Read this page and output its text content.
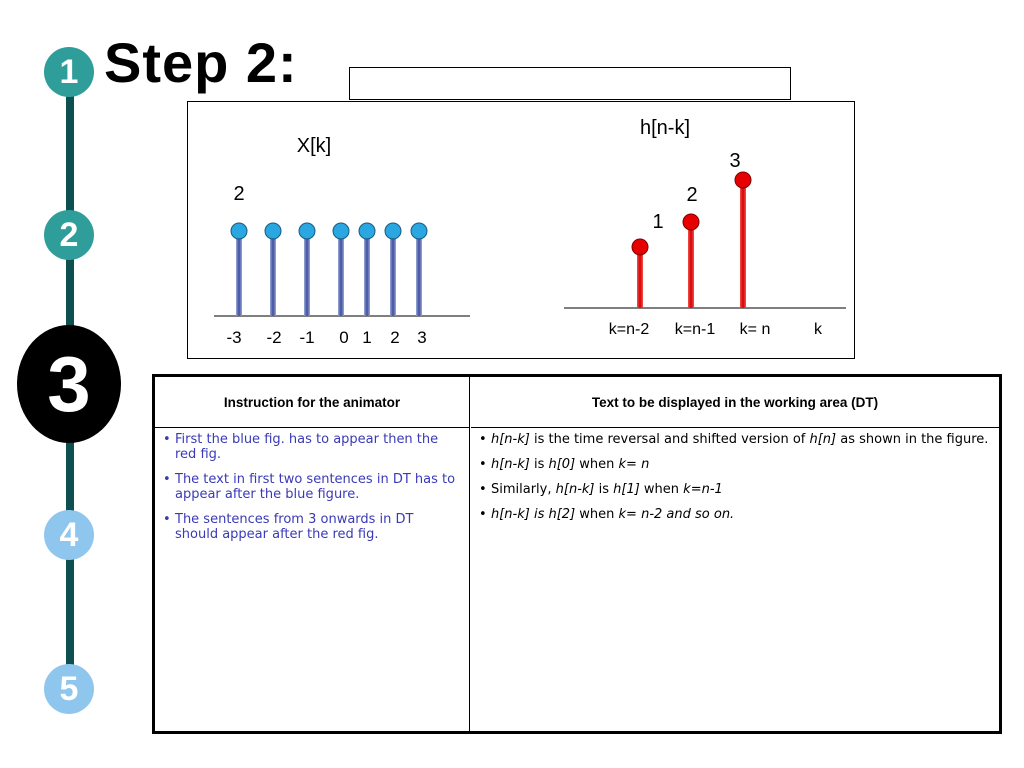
1
2
3
4
5
Step 2:
X[k]
2
-3 -2 -1 0 1 2 3
h[n-k]
1
2
3
k=n-2 k=n-1 k= n	k
Instruction for the animator
• First the blue fig. has to appear then the red fig.
• The text in first two sentences in DT has to appear after the blue figure.
• The sentences from 3 onwards in DT should appear after the red fig.
Text to be displayed in the working area (DT)
• h[n-k] is the time reversal and shifted version of h[n] as shown in the figure.
• h[n-k] is h[0] when k= n
• Similarly, h[n-k] is h[1] when k=n-1
• h[n-k] is h[2] when k= n-2 and so on.
